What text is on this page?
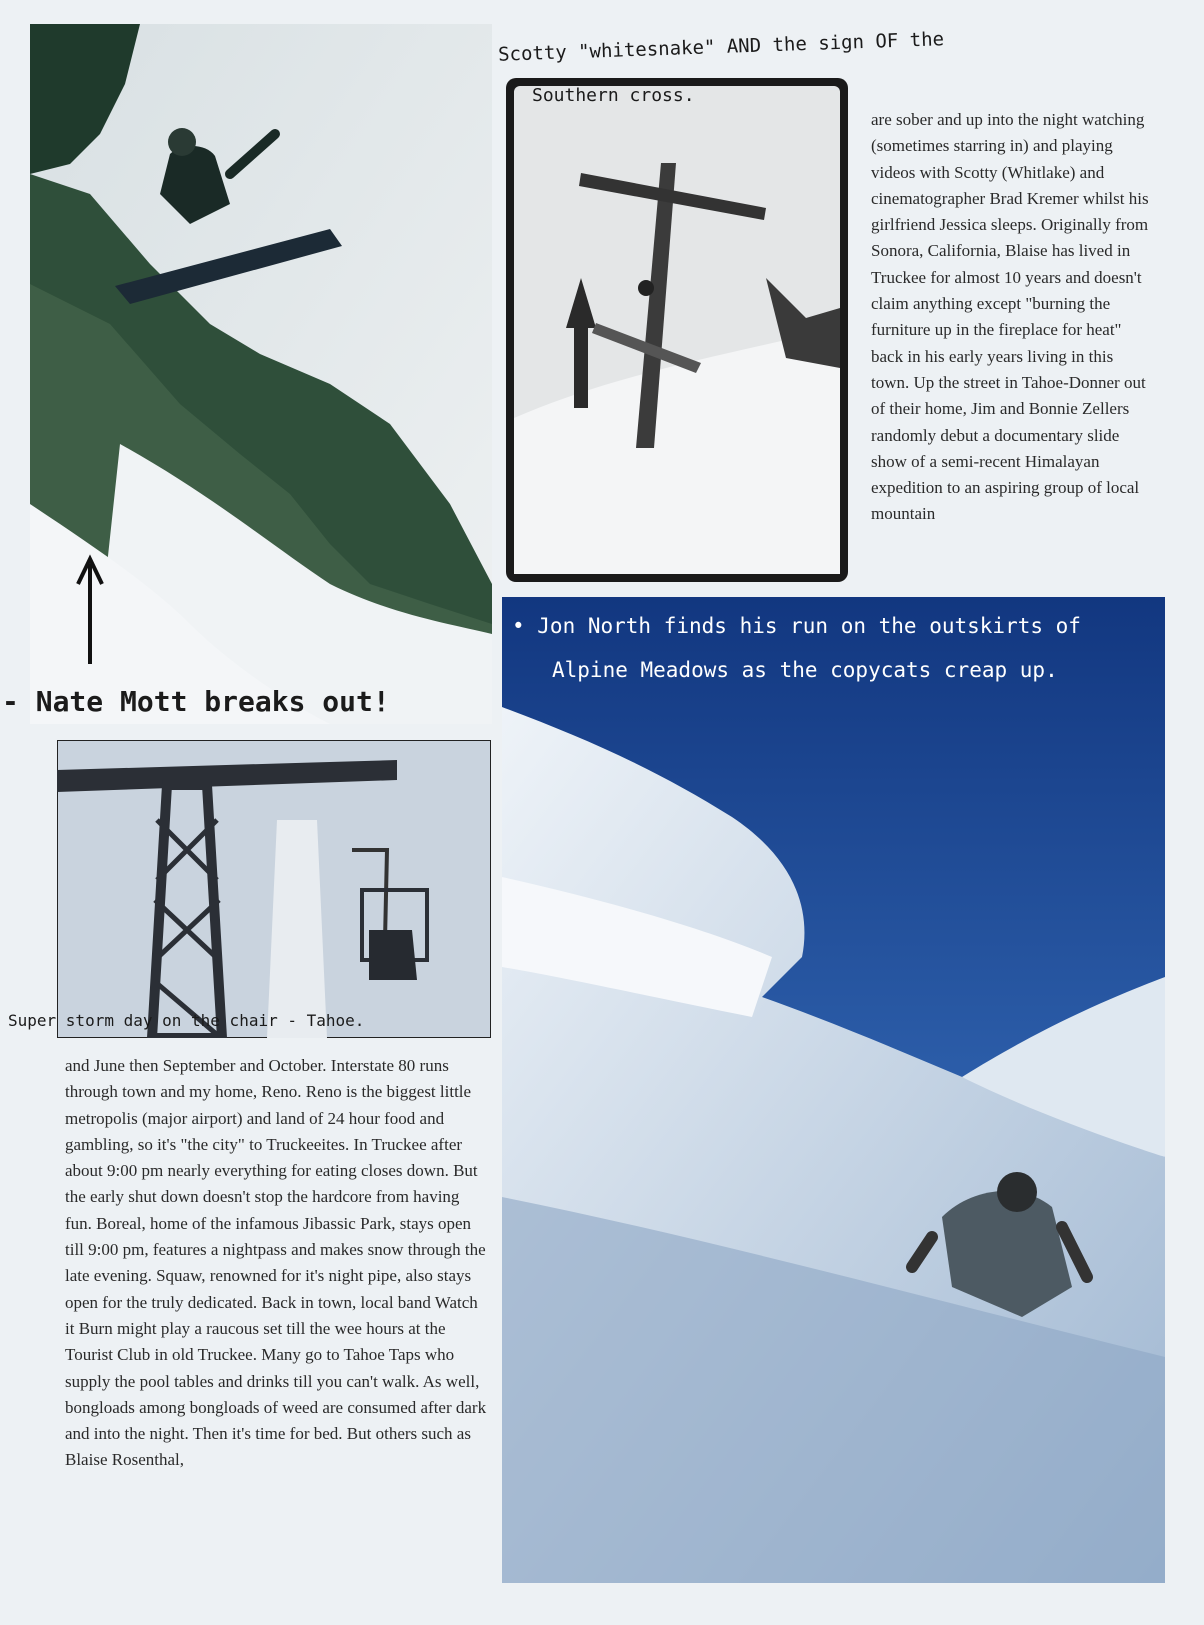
Scotty "whitesnake" AND the sign OF the
Southern cross.
- Nate Mott breaks out!
Super storm day on the chair - Tahoe.
• Jon North finds his run on the outskirts of
Alpine Meadows as the copycats creap up.

are sober and up into the night watching (sometimes starring in) and playing videos with Scotty (Whitlake) and cinematographer Brad Kremer whilst his girlfriend Jessica sleeps. Originally from Sonora, California, Blaise has lived in Truckee for almost 10 years and doesn't claim anything except "burning the furniture up in the fireplace for heat" back in his early years living in this town. Up the street in Tahoe-Donner out of their home, Jim and Bonnie Zellers randomly debut a documentary slide show of a semi-recent Himalayan expedition to an aspiring group of local mountain

and June then September and October. Interstate 80 runs through town and my home, Reno. Reno is the biggest little metropolis (major airport) and land of 24 hour food and gambling, so it's "the city" to Truckeeites. In Truckee after about 9:00 pm nearly everything for eating closes down. But the early shut down doesn't stop the hardcore from having fun. Boreal, home of the infamous Jibassic Park, stays open till 9:00 pm, features a nightpass and makes snow through the late evening. Squaw, renowned for it's night pipe, also stays open for the truly dedicated. Back in town, local band Watch it Burn might play a raucous set till the wee hours at the Tourist Club in old Truckee. Many go to Tahoe Taps who supply the pool tables and drinks till you can't walk. As well, bongloads among bongloads of weed are consumed after dark and into the night. Then it's time for bed. But others such as Blaise Rosenthal,
